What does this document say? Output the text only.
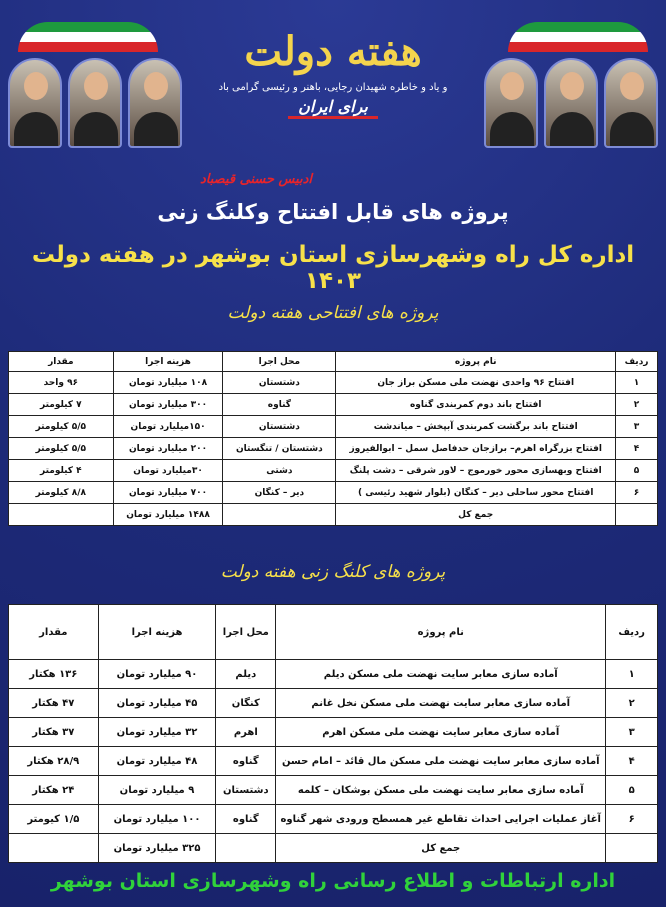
هفته دولت
و یاد و خاطره شهیدان رجایی، باهنر و رئیسی گرامی باد
برای ایران
ادبیس حسنی قیصباد
پروژه های قابل افتتاح وکلنگ زنی
اداره کل راه وشهرسازی استان بوشهر در هفته دولت ۱۴۰۳
پروژه های افتتاحی هفته دولت
ردیف	نام پروژه	محل اجرا	هزینه اجرا	مقدار
۱	افتتاح ۹۶ واحدی نهضت ملی مسکن براز جان	دشتستان	۱۰۸ میلیارد تومان	۹۶ واحد
۲	افتتاح باند دوم کمربندی گناوه	گناوه	۳۰۰ میلیارد تومان	۷ کیلومتر
۳	افتتاح باند برگشت کمربندی آبپخش – میاندشت	دشتستان	۱۵۰میلیارد تومان	۵/۵ کیلومتر
۴	افتتاح بزرگراه اهرم– برازجان حدفاصل سمل – ابوالفیروز	دشتستان / تنگستان	۲۰۰ میلیارد تومان	۵/۵ کیلومتر
۵	افتتاح وبهسازی محور خورموج – لاور شرقی – دشت پلنگ	دشتی	۳۰میلیارد تومان	۴ کیلومتر
۶	افتتاح محور ساحلی دیر – کنگان (بلوار شهید رئیسی )	دیر – کنگان	۷۰۰ میلیارد تومان	۸/۸ کیلومتر
	جمع کل		۱۴۸۸ میلیارد تومان	
پروژه های کلنگ زنی هفته دولت
ردیف	نام پروژه	محل اجرا	هزینه اجرا	مقدار
۱	آماده سازی معابر سایت نهضت ملی مسکن دیلم	دیلم	۹۰ میلیارد تومان	۱۳۶ هکتار
۲	آماده سازی معابر سایت نهضت ملی مسکن نخل غانم	کنگان	۴۵ میلیارد تومان	۴۷ هکتار
۳	آماده سازی معابر سایت نهضت ملی مسکن اهرم	اهرم	۳۲ میلیارد تومان	۳۷ هکتار
۴	آماده سازی معابر سایت نهضت ملی مسکن مال قائد – امام حسن	گناوه	۴۸ میلیارد تومان	۲۸/۹ هکتار
۵	آماده سازی معابر سایت نهضت ملی مسکن بوشکان – کلمه	دشتستان	۹ میلیارد تومان	۲۴ هکتار
۶	آغاز عملیات اجرایی احداث تقاطع غیر همسطح ورودی شهر گناوه	گناوه	۱۰۰ میلیارد تومان	۱/۵ کیومتر
	جمع کل		۳۲۵ میلیارد تومان	
اداره ارتباطات و اطلاع رسانی راه وشهرسازی استان بوشهر
